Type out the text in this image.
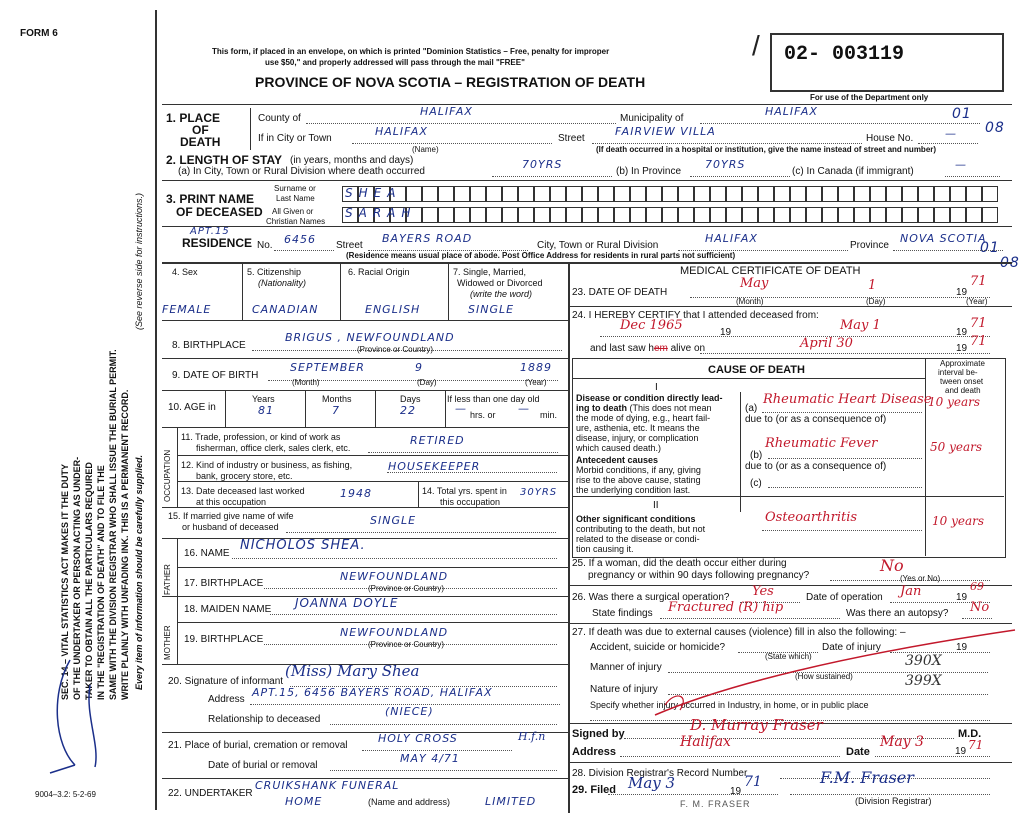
FORM 6
This form, if placed in an envelope, on which is printed "Dominion Statistics – Free, penalty for improper
use $50," and properly addressed will pass through the mail "FREE"
PROVINCE OF NOVA SCOTIA – REGISTRATION OF DEATH
02- 003119
/
For use of the Department only
01
08
01
08
SEC. 14 – VITAL STATISTICS ACT MAKES IT THE DUTY OF THE UNDERTAKER OR PERSON ACTING AS UNDER- TAKER TO OBTAIN ALL THE PARTICULARS REQUIRED IN THE "REGISTRATION OF DEATH" AND TO FILE THE SAME WITH THE DIVISION REGISTRAR WHO SHALL ISSUE THE BURIAL PERMIT. WRITE PLAINLY WITH UNFADING INK. THIS IS A PERMANENT RECORD. Every item of information should be carefully supplied.
(See reverse side for instructions.)
9004–3.2: 5-2-69
1. PLACE
OF
DEATH
County of
HALIFAX
Municipality of
HALIFAX
If in City or Town
HALIFAX
(Name)
Street
FAIRVIEW VILLA
House No.	—
(If death occurred in a hospital or institution, give the name instead of street and number)
2. LENGTH OF STAY (in years, months and days)
(a) In City, Town or Rural Division where death occurred
70YRS
(b) In Province
70YRS
(c) In Canada (if immigrant)
—
3. PRINT NAME
OF DECEASED
Surname or
Last Name
All Given or
Christian Names
SHEA
SARAH
APT.15
RESIDENCE No. 6456 Street
BAYERS ROAD
City, Town or Rural Division
HALIFAX
Province
NOVA SCOTIA
(Residence means usual place of abode. Post Office Address for residents in rural parts not sufficient)
4. Sex	5. Citizenship
(Nationality)
6. Racial Origin	7. Single, Married,
Widowed or Divorced
(write the word)
FEMALE	CANADIAN	ENGLISH	SINGLE
8. BIRTHPLACE
BRIGUS , NEWFOUNDLAND
(Province or Country)
9. DATE OF BIRTH
SEPTEMBER	9	1889
(Month)	(Day)	(Year)
10. AGE in
Years	Months	Days	If less than one day old
81	7	22	— hrs. or — min.
OCCUPATION
11. Trade, profession, or kind of work as
fisherman, office clerk, sales clerk, etc.
RETIRED
12. Kind of industry or business, as fishing,
bank, grocery store, etc.
HOUSEKEEPER
13. Date deceased last worked
at this occupation
1948	14. Total yrs. spent in
this occupation
30YRS
15. If married give name of wife
or husband of deceased	SINGLE
FATHER
MOTHER
16. NAME
NICHOLOS SHEA.
17. BIRTHPLACE
NEWFOUNDLAND
(Province or Country)
18. MAIDEN NAME JOANNA DOYLE
19. BIRTHPLACE
NEWFOUNDLAND
(Province or Country)
20. Signature of informant
(Miss) Mary Shea
Address
APT.15, 6456 BAYERS ROAD, HALIFAX
Relationship to deceased
(NIECE)
21. Place of burial, cremation or removal
HOLY CROSS	H.f.n
Date of burial or removal
MAY 4/71
22. UNDERTAKER
CRUIKSHANK FUNERAL
HOME	LIMITED
(Name and address)
MEDICAL CERTIFICATE OF DEATH
23. DATE OF DEATH
May	1	19
71
(Month)	(Day)	(Year)
24. I HEREBY CERTIFY that I attended deceased from:
Dec 1965	19	May 1	19
71
and last saw hem alive on	April 30	19 71
CAUSE OF DEATH
Approximate
interval be-
tween onset
and death
I
Disease or condition directly lead-
ing to death (This does not mean
the mode of dying, e.g., heart fail-
ure, asthenia, etc. It means the
disease, injury, or complication
which caused death.)
(a)
Rheumatic Heart Disease
10 years
due to (or as a consequence of)
Antecedent causes
Morbid conditions, if any, giving
rise to the above cause, stating
the underlying condition last.
(b)
Rheumatic Fever	50 years
due to (or as a consequence of)
(c)
II
Other significant conditions
contributing to the death, but not
related to the disease or condi-
tion causing it.
Osteoarthritis	10 years
25. If a woman, did the death occur either during
pregnancy or within 90 days following pregnancy?
No
(Yes or No)
26. Was there a surgical operation? Yes	Date of operation Jan	19
69
State findings Fractured (R) hip	Was there an autopsy? No
27. If death was due to external causes (violence) fill in also the following: –
Accident, suicide or homicide?	Date of injury	19
(State which)
Manner of injury	390X
(How sustained)
Nature of injury
399X
Specify whether injury occurred in Industry, in home, or in public place
Signed by	D. Murray Fraser	M.D.
Address
Halifax
Date
May 3
19 71
28. Division Registrar's Record Number
29. Filed May 3	19
71	F.M. Fraser
(Division Registrar)
F. M. FRASER
